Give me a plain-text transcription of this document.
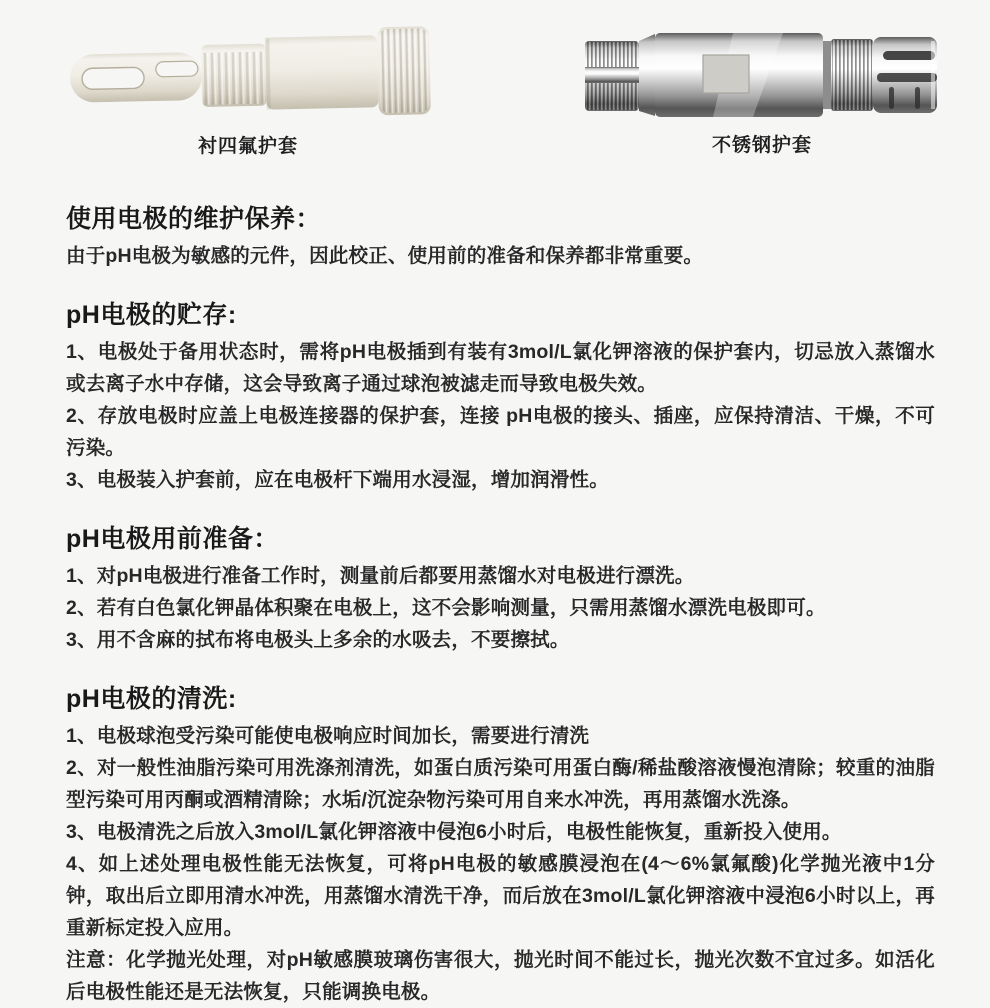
衬四氟护套	不锈钢护套
使用电极的维护保养：

由于pH电极为敏感的元件，因此校正、使用前的准备和保养都非常重要。

pH电极的贮存:

1、电极处于备用状态时，需将pH电极插到有装有3mol/L氯化钾溶液的保护套内，切忌放入蒸馏水或去离子水中存储，这会导致离子通过球泡被滤走而导致电极失效。

2、存放电极时应盖上电极连接器的保护套，连接 pH电极的接头、插座，应保持清洁、干燥，不可污染。

3、电极装入护套前，应在电极杆下端用水浸湿，增加润滑性。

pH电极用前准备：

1、对pH电极进行准备工作时，测量前后都要用蒸馏水对电极进行漂洗。

2、若有白色氯化钾晶体积聚在电极上，这不会影响测量，只需用蒸馏水漂洗电极即可。

3、用不含麻的拭布将电极头上多余的水吸去，不要擦拭。

pH电极的清洗:

1、电极球泡受污染可能使电极响应时间加长，需要进行清洗

2、对一般性油脂污染可用洗涤剂清洗，如蛋白质污染可用蛋白酶/稀盐酸溶液慢泡清除；较重的油脂型污染可用丙酮或酒精清除；水垢/沉淀杂物污染可用自来水冲洗，再用蒸馏水洗涤。

3、电极清洗之后放入3mol/L氯化钾溶液中侵泡6小时后，电极性能恢复，重新投入使用。

4、如上述处理电极性能无法恢复，可将pH电极的敏感膜浸泡在(4～6%氯氟酸)化学抛光液中1分钟，取出后立即用清水冲洗，用蒸馏水清洗干净，而后放在3mol/L氯化钾溶液中浸泡6小时以上，再重新标定投入应用。

注意：化学抛光处理，对pH敏感膜玻璃伤害很大，抛光时间不能过长，抛光次数不宜过多。如活化后电极性能还是无法恢复，只能调换电极。
